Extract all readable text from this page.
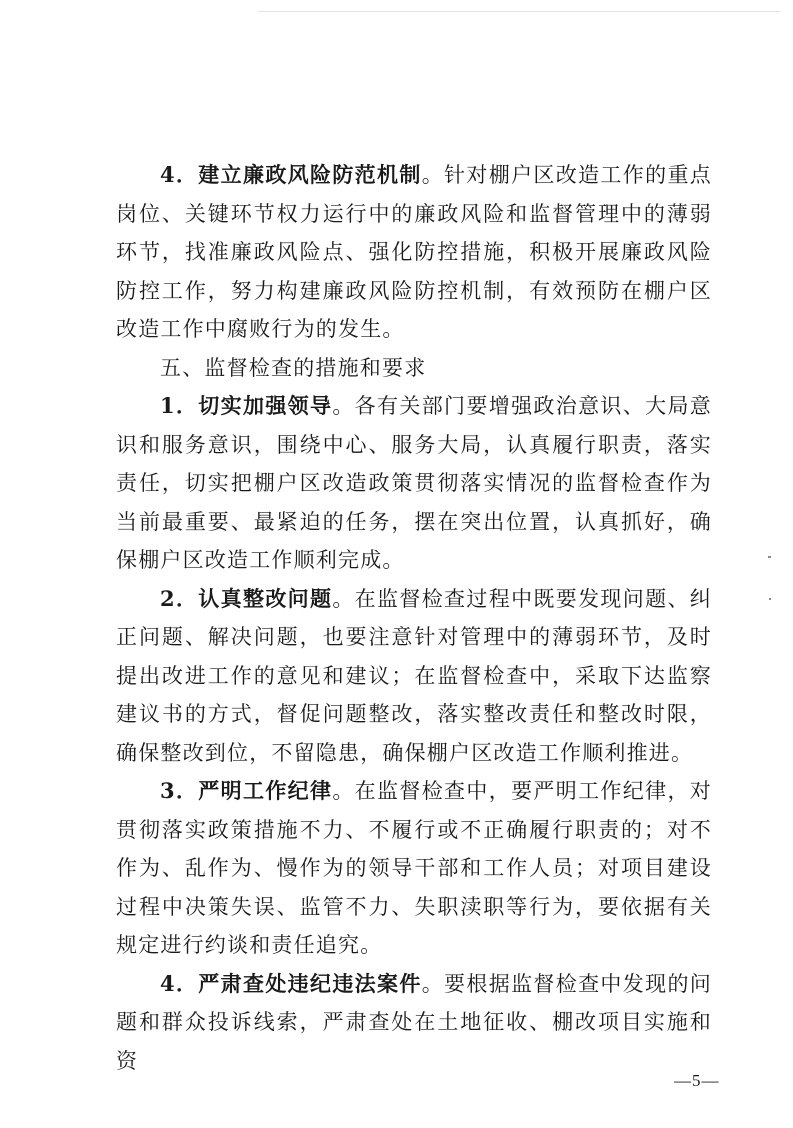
4．建立廉政风险防范机制。针对棚户区改造工作的重点岗位、关键环节权力运行中的廉政风险和监督管理中的薄弱环节，找准廉政风险点、强化防控措施，积极开展廉政风险防控工作，努力构建廉政风险防控机制，有效预防在棚户区改造工作中腐败行为的发生。

五、监督检查的措施和要求

1．切实加强领导。各有关部门要增强政治意识、大局意识和服务意识，围绕中心、服务大局，认真履行职责，落实责任，切实把棚户区改造政策贯彻落实情况的监督检查作为当前最重要、最紧迫的任务，摆在突出位置，认真抓好，确保棚户区改造工作顺利完成。

2．认真整改问题。在监督检查过程中既要发现问题、纠正问题、解决问题，也要注意针对管理中的薄弱环节，及时提出改进工作的意见和建议；在监督检查中，采取下达监察建议书的方式，督促问题整改，落实整改责任和整改时限，确保整改到位，不留隐患，确保棚户区改造工作顺利推进。

3．严明工作纪律。在监督检查中，要严明工作纪律，对贯彻落实政策措施不力、不履行或不正确履行职责的；对不作为、乱作为、慢作为的领导干部和工作人员；对项目建设过程中决策失误、监管不力、失职渎职等行为，要依据有关规定进行约谈和责任追究。

4．严肃查处违纪违法案件。要根据监督检查中发现的问题和群众投诉线索，严肃查处在土地征收、棚改项目实施和资

—5—
